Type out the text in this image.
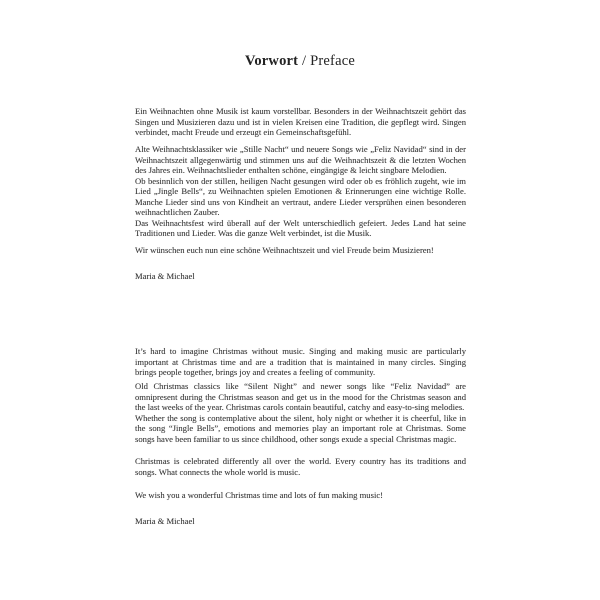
Vorwort / Preface

Ein Weihnachten ohne Musik ist kaum vorstellbar. Besonders in der Weihnachtszeit gehört das Singen und Musizieren dazu und ist in vielen Kreisen eine Tradition, die gepflegt wird. Singen verbindet, macht Freude und erzeugt ein Gemeinschaftsgefühl.

Alte Weihnachtsklassiker wie „Stille Nacht“ und neuere Songs wie „Feliz Navidad“ sind in der Weihnachtszeit allgegenwärtig und stimmen uns auf die Weihnachtszeit & die letzten Wochen des Jahres ein. Weihnachtslieder enthalten schöne, eingängige & leicht singbare Melodien.

Ob besinnlich von der stillen, heiligen Nacht gesungen wird oder ob es fröhlich zugeht, wie im Lied „Jingle Bells“, zu Weihnachten spielen Emotionen & Erinnerungen eine wichtige Rolle. Manche Lieder sind uns von Kindheit an vertraut, andere Lieder versprühen einen besonderen weihnachtlichen Zauber.

Das Weihnachtsfest wird überall auf der Welt unterschiedlich gefeiert. Jedes Land hat seine Traditionen und Lieder. Was die ganze Welt verbindet, ist die Musik.

Wir wünschen euch nun eine schöne Weihnachtszeit und viel Freude beim Musizieren!

Maria & Michael

It’s hard to imagine Christmas without music. Singing and making music are particularly important at Christmas time and are a tradition that is maintained in many circles. Singing brings people together, brings joy and creates a feeling of community.

Old Christmas classics like “Silent Night” and newer songs like “Feliz Navidad” are omnipresent during the Christmas season and get us in the mood for the Christmas season and the last weeks of the year. Christmas carols contain beautiful, catchy and easy-to-sing melodies.

Whether the song is contemplative about the silent, holy night or whether it is cheerful, like in the song “Jingle Bells”, emotions and memories play an important role at Christmas. Some songs have been familiar to us since childhood, other songs exude a special Christmas magic.

Christmas is celebrated differently all over the world. Every country has its traditions and songs. What connects the whole world is music.

We wish you a wonderful Christmas time and lots of fun making music!

Maria & Michael
